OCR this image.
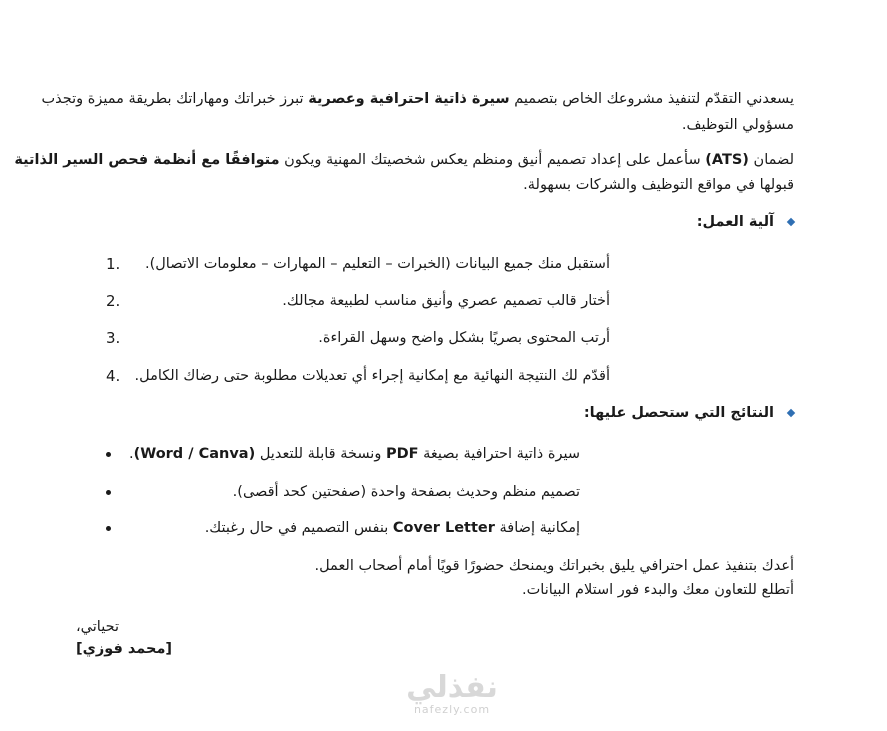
يسعدني التقدّم لتنفيذ مشروعك الخاص بتصميم سيرة ذاتية احترافية وعصرية تبرز خبراتك ومهاراتك بطريقة مميزة وتجذب
مسؤولي التوظيف.
لضمان (ATS) سأعمل على إعداد تصميم أنيق ومنظم يعكس شخصيتك المهنية ويكون متوافقًا مع أنظمة فحص السير الذاتية
قبولها في مواقع التوظيف والشركات بسهولة.
آلية العمل:
1. أستقبل منك جميع البيانات (الخبرات – التعليم – المهارات – معلومات الاتصال).
2.	أختار قالب تصميم عصري وأنيق مناسب لطبيعة مجالك.
3.	أرتب المحتوى بصريًا بشكل واضح وسهل القراءة.
4. أقدّم لك النتيجة النهائية مع إمكانية إجراء أي تعديلات مطلوبة حتى رضاك الكامل.
النتائج التي ستحصل عليها:
سيرة ذاتية احترافية بصيغة PDF ونسخة قابلة للتعديل (Word / Canva).
تصميم منظم وحديث بصفحة واحدة (صفحتين كحد أقصى).
إمكانية إضافة Cover Letter بنفس التصميم في حال رغبتك.
أعدك بتنفيذ عمل احترافي يليق بخبراتك ويمنحك حضورًا قويًا أمام أصحاب العمل.
أتطلع للتعاون معك والبدء فور استلام البيانات.
تحياتي،
[محمد فوزي]
نفذلي
nafezly.com
